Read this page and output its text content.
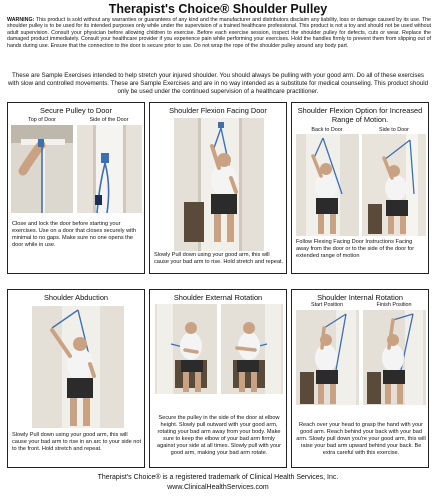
Therapist's Choice® Shoulder Pulley
WARNING: This product is sold without any warranties or guarantees of any kind and the manufacturer and distributors disclaim any liability, loss or damage caused by its use. The shoulder pulley is to be used for its intended purposes only while under the supervision of a trained healthcare professional. This product is not a toy and should not be used without adult supervision. Consult your physician before allowing children to exercise. Before each exercise session, inspect the shoulder pulley for defects, cuts or wear. Replace the damaged product immediately. Consult your healthcare provider if you experience pain while performing your exercises. Hold the handles firmly to prevent them from slipping out of hands during use. Ensure that the connection to the door is secure prior to use. Do not wrap the rope of the shoulder pulley around any body part.
These are Sample Exercises intended to help stretch your injured shoulder. You should always be pulling with your good arm. Do all of these exercises with slow and controlled movements. These are Sample Exercises and are in no way intended as a substitute for medical counseling. This product should only be used under the continued supervision of a healthcare practitioner.
Secure Pulley to Door
Top of Door	Side of the Door
Close and lock the door before starting your exercises. Use on a door that closes securely with minimal to no gaps. Make sure no one opens the door while in use.
Shoulder Flexion Facing Door
Slowly Pull down using your good arm, this will cause your bad arm to rise. Hold stretch and repeat.
Shoulder Flexion Option for Increased Range of Motion.
Back to Door	Side to Door
Follow Flexing Facing Door Instructions Facing away from the door or to the side of the door for extended range of motion
Shoulder Abduction
Slowly Pull down using your good arm, this will cause your bad arm to rise in an arc to your side not to the front. Hold stretch and repeat.
Shoulder External Rotation
Secure the pulley in the side of the door at elbow height. Slowly pull outward with your good arm, rotating your bad arm away from your body. Make sure to keep the elbow of your bad arm firmly against your side at all times. Slowly pull with your good arm, making your bad arm rotate.
Shoulder Internal Rotation
Start Position	Finish Position
Reach over your head to grasp the hand with your good arm. Reach behind your back with your bad arm. Slowly pull down you're your good arm, this will raise your bad arm upward behind your back. Be extra careful with this exercise.
Therapist's Choice® is a registered trademark of Clinical Health Services, Inc.
www.ClinicalHealthServices.com
